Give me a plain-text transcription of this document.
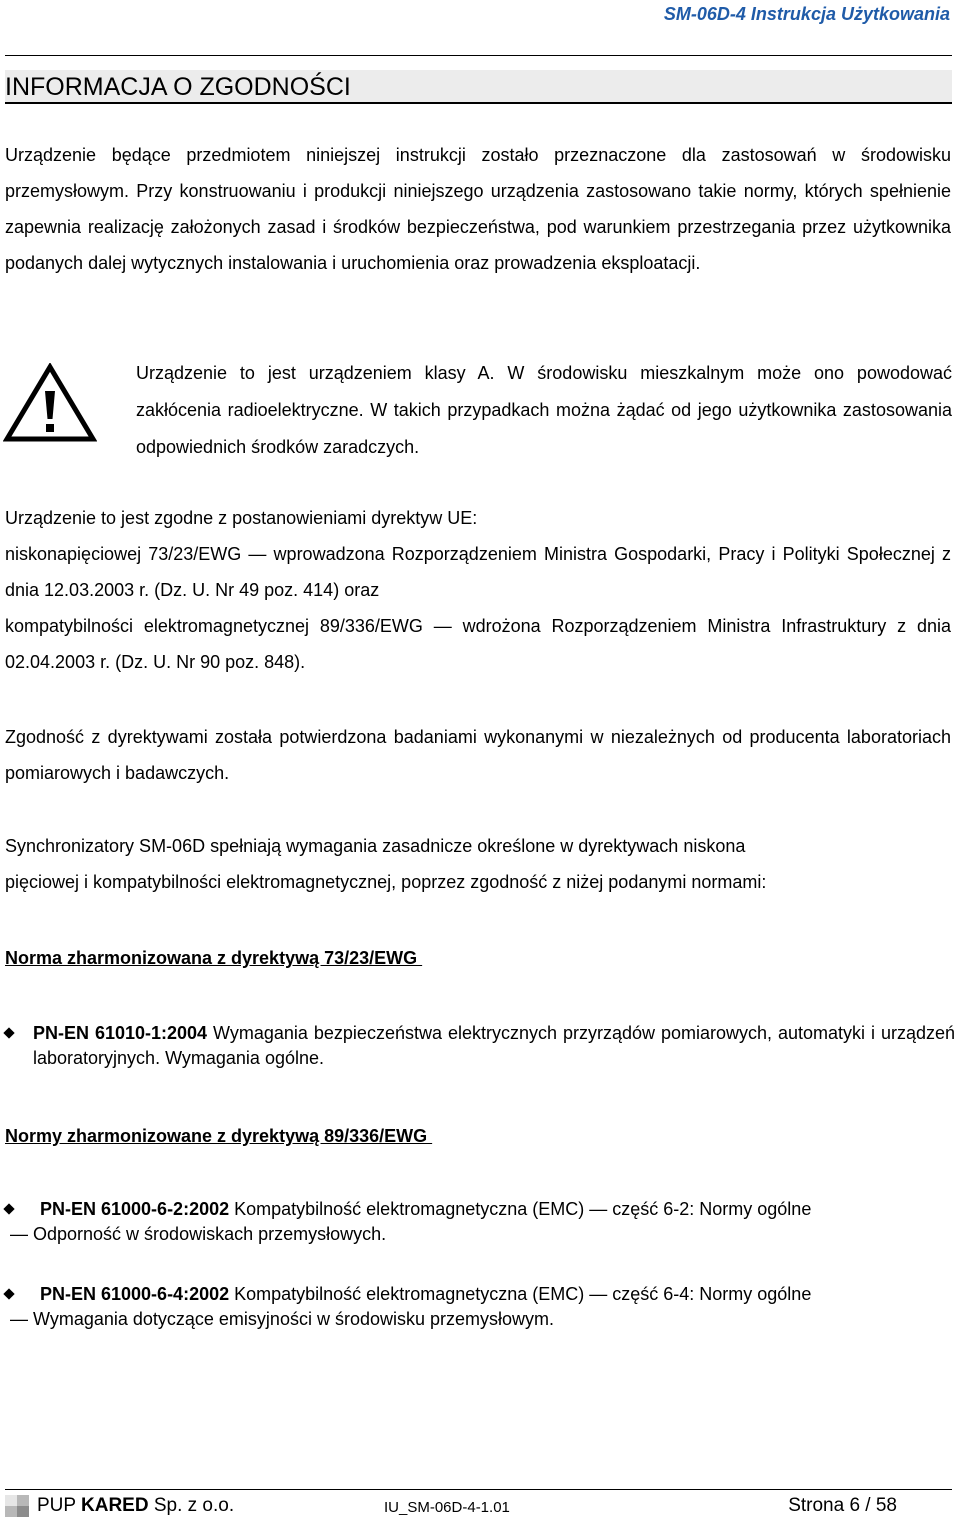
SM-06D-4 Instrukcja Użytkowania
INFORMACJA O ZGODNOŚCI

Urządzenie będące przedmiotem niniejszej instrukcji zostało przeznaczone dla zastosowań w środowisku przemysłowym. Przy konstruowaniu i produkcji niniejszego urządzenia zastosowano takie normy, których spełnienie zapewnia realizację założonych zasad i środków bezpieczeństwa, pod warunkiem przestrzegania przez użytkownika podanych dalej wytycznych instalowania i uruchomienia oraz prowadzenia eksploatacji.

Urządzenie to jest urządzeniem klasy A. W środowisku mieszkalnym może ono powodować zakłócenia radioelektryczne. W takich przypadkach można żądać od jego użytkownika zastosowania odpowiednich środków zaradczych.

Urządzenie to jest zgodne z postanowieniami dyrektyw UE:
niskonapięciowej 73/23/EWG — wprowadzona Rozporządzeniem Ministra Gospodarki, Pracy i Polityki Społecznej z dnia 12.03.2003 r. (Dz. U. Nr 49 poz. 414) oraz
kompatybilności elektromagnetycznej 89/336/EWG — wdrożona Rozporządzeniem Ministra Infrastruktury z dnia 02.04.2003 r. (Dz. U. Nr 90 poz. 848).

Zgodność z dyrektywami została potwierdzona badaniami wykonanymi w niezależnych od producenta laboratoriach pomiarowych i badawczych.

Synchronizatory SM-06D spełniają wymagania zasadnicze określone w dyrektywach niskona
pięciowej i kompatybilności elektromagnetycznej, poprzez zgodność z niżej podanymi normami:
Norma zharmonizowana z dyrektywą 73/23/EWG
PN-EN 61010-1:2004 Wymagania bezpieczeństwa elektrycznych przyrządów pomiarowych, automatyki i urządzeń laboratoryjnych. Wymagania ogólne.
Normy zharmonizowane z dyrektywą 89/336/EWG
PN-EN 61000-6-2:2002 Kompatybilność elektromagnetyczna (EMC) — część 6-2: Normy ogólne
— Odporność w środowiskach przemysłowych.
PN-EN 61000-6-4:2002 Kompatybilność elektromagnetyczna (EMC) — część 6-4: Normy ogólne
— Wymagania dotyczące emisyjności w środowisku przemysłowym.
PUP KARED Sp. z o.o.	IU_SM-06D-4-1.01	Strona 6 / 58
